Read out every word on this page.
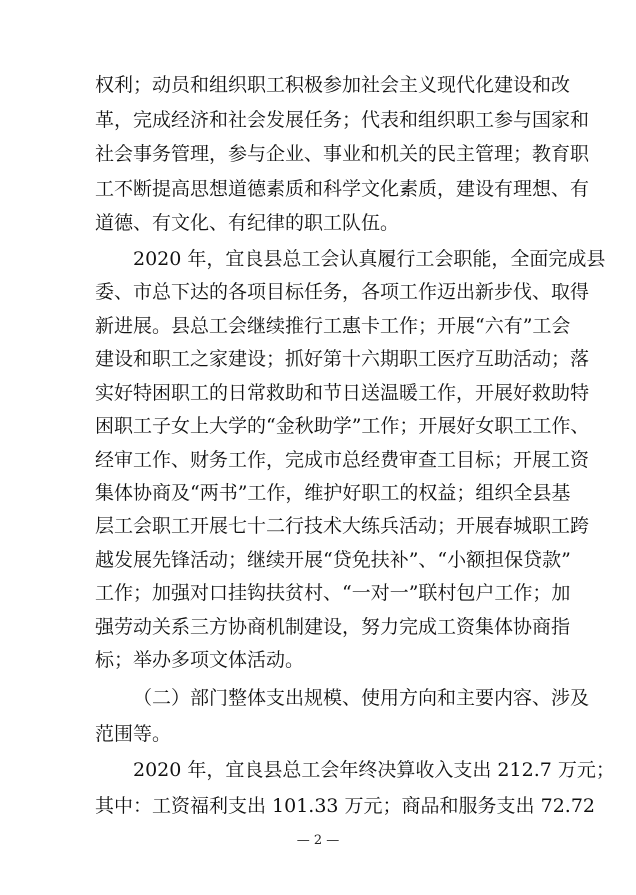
权利；动员和组织职工积极参加社会主义现代化建设和改
革，完成经济和社会发展任务；代表和组织职工参与国家和
社会事务管理，参与企业、事业和机关的民主管理；教育职
工不断提高思想道德素质和科学文化素质，建设有理想、有
道德、有文化、有纪律的职工队伍。
2020 年，宜良县总工会认真履行工会职能，全面完成县
委、市总下达的各项目标任务，各项工作迈出新步伐、取得
新进展。县总工会继续推行工惠卡工作；开展“六有”工会
建设和职工之家建设；抓好第十六期职工医疗互助活动；落
实好特困职工的日常救助和节日送温暖工作，开展好救助特
困职工子女上大学的“金秋助学”工作；开展好女职工工作、
经审工作、财务工作，完成市总经费审查工目标；开展工资
集体协商及“两书”工作，维护好职工的权益；组织全县基
层工会职工开展七十二行技术大练兵活动；开展春城职工跨
越发展先锋活动；继续开展“贷免扶补”、“小额担保贷款”
工作；加强对口挂钩扶贫村、“一对一”联村包户工作；加
强劳动关系三方协商机制建设，努力完成工资集体协商指
标；举办多项文体活动。
（二）部门整体支出规模、使用方向和主要内容、涉及
范围等。
— 2 —
2020 年，宜良县总工会年终决算收入支出 212.7 万元；
其中：工资福利支出 101.33 万元；商品和服务支出 72.72
